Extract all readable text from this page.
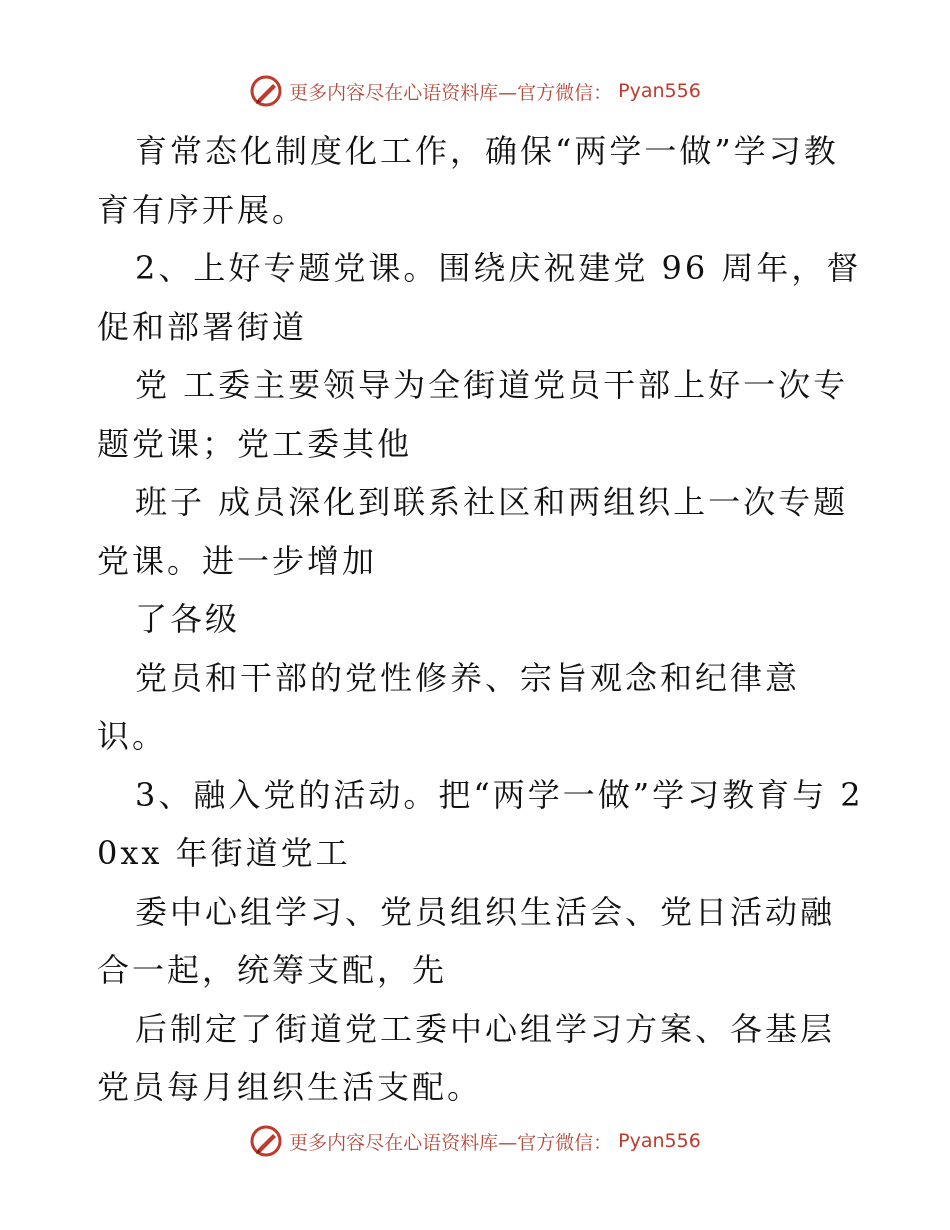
更多内容尽在心语资料库—官方微信： Pyan556

育常态化制度化工作，确保“两学一做”学习教育有序开展。

2、上好专题党课。围绕庆祝建党 96 周年，督促和部署街道

党 工委主要领导为全街道党员干部上好一次专题党课；党工委其他

班子 成员深化到联系社区和两组织上一次专题党课。进一步增加

了各级

党员和干部的党性修养、宗旨观念和纪律意识。

3、融入党的活动。把“两学一做”学习教育与 20xx 年街道党工

委中心组学习、党员组织生活会、党日活动融合一起，统筹支配，先

后制定了街道党工委中心组学习方案、各基层党员每月组织生活支配。

更多内容尽在心语资料库—官方微信： Pyan556
